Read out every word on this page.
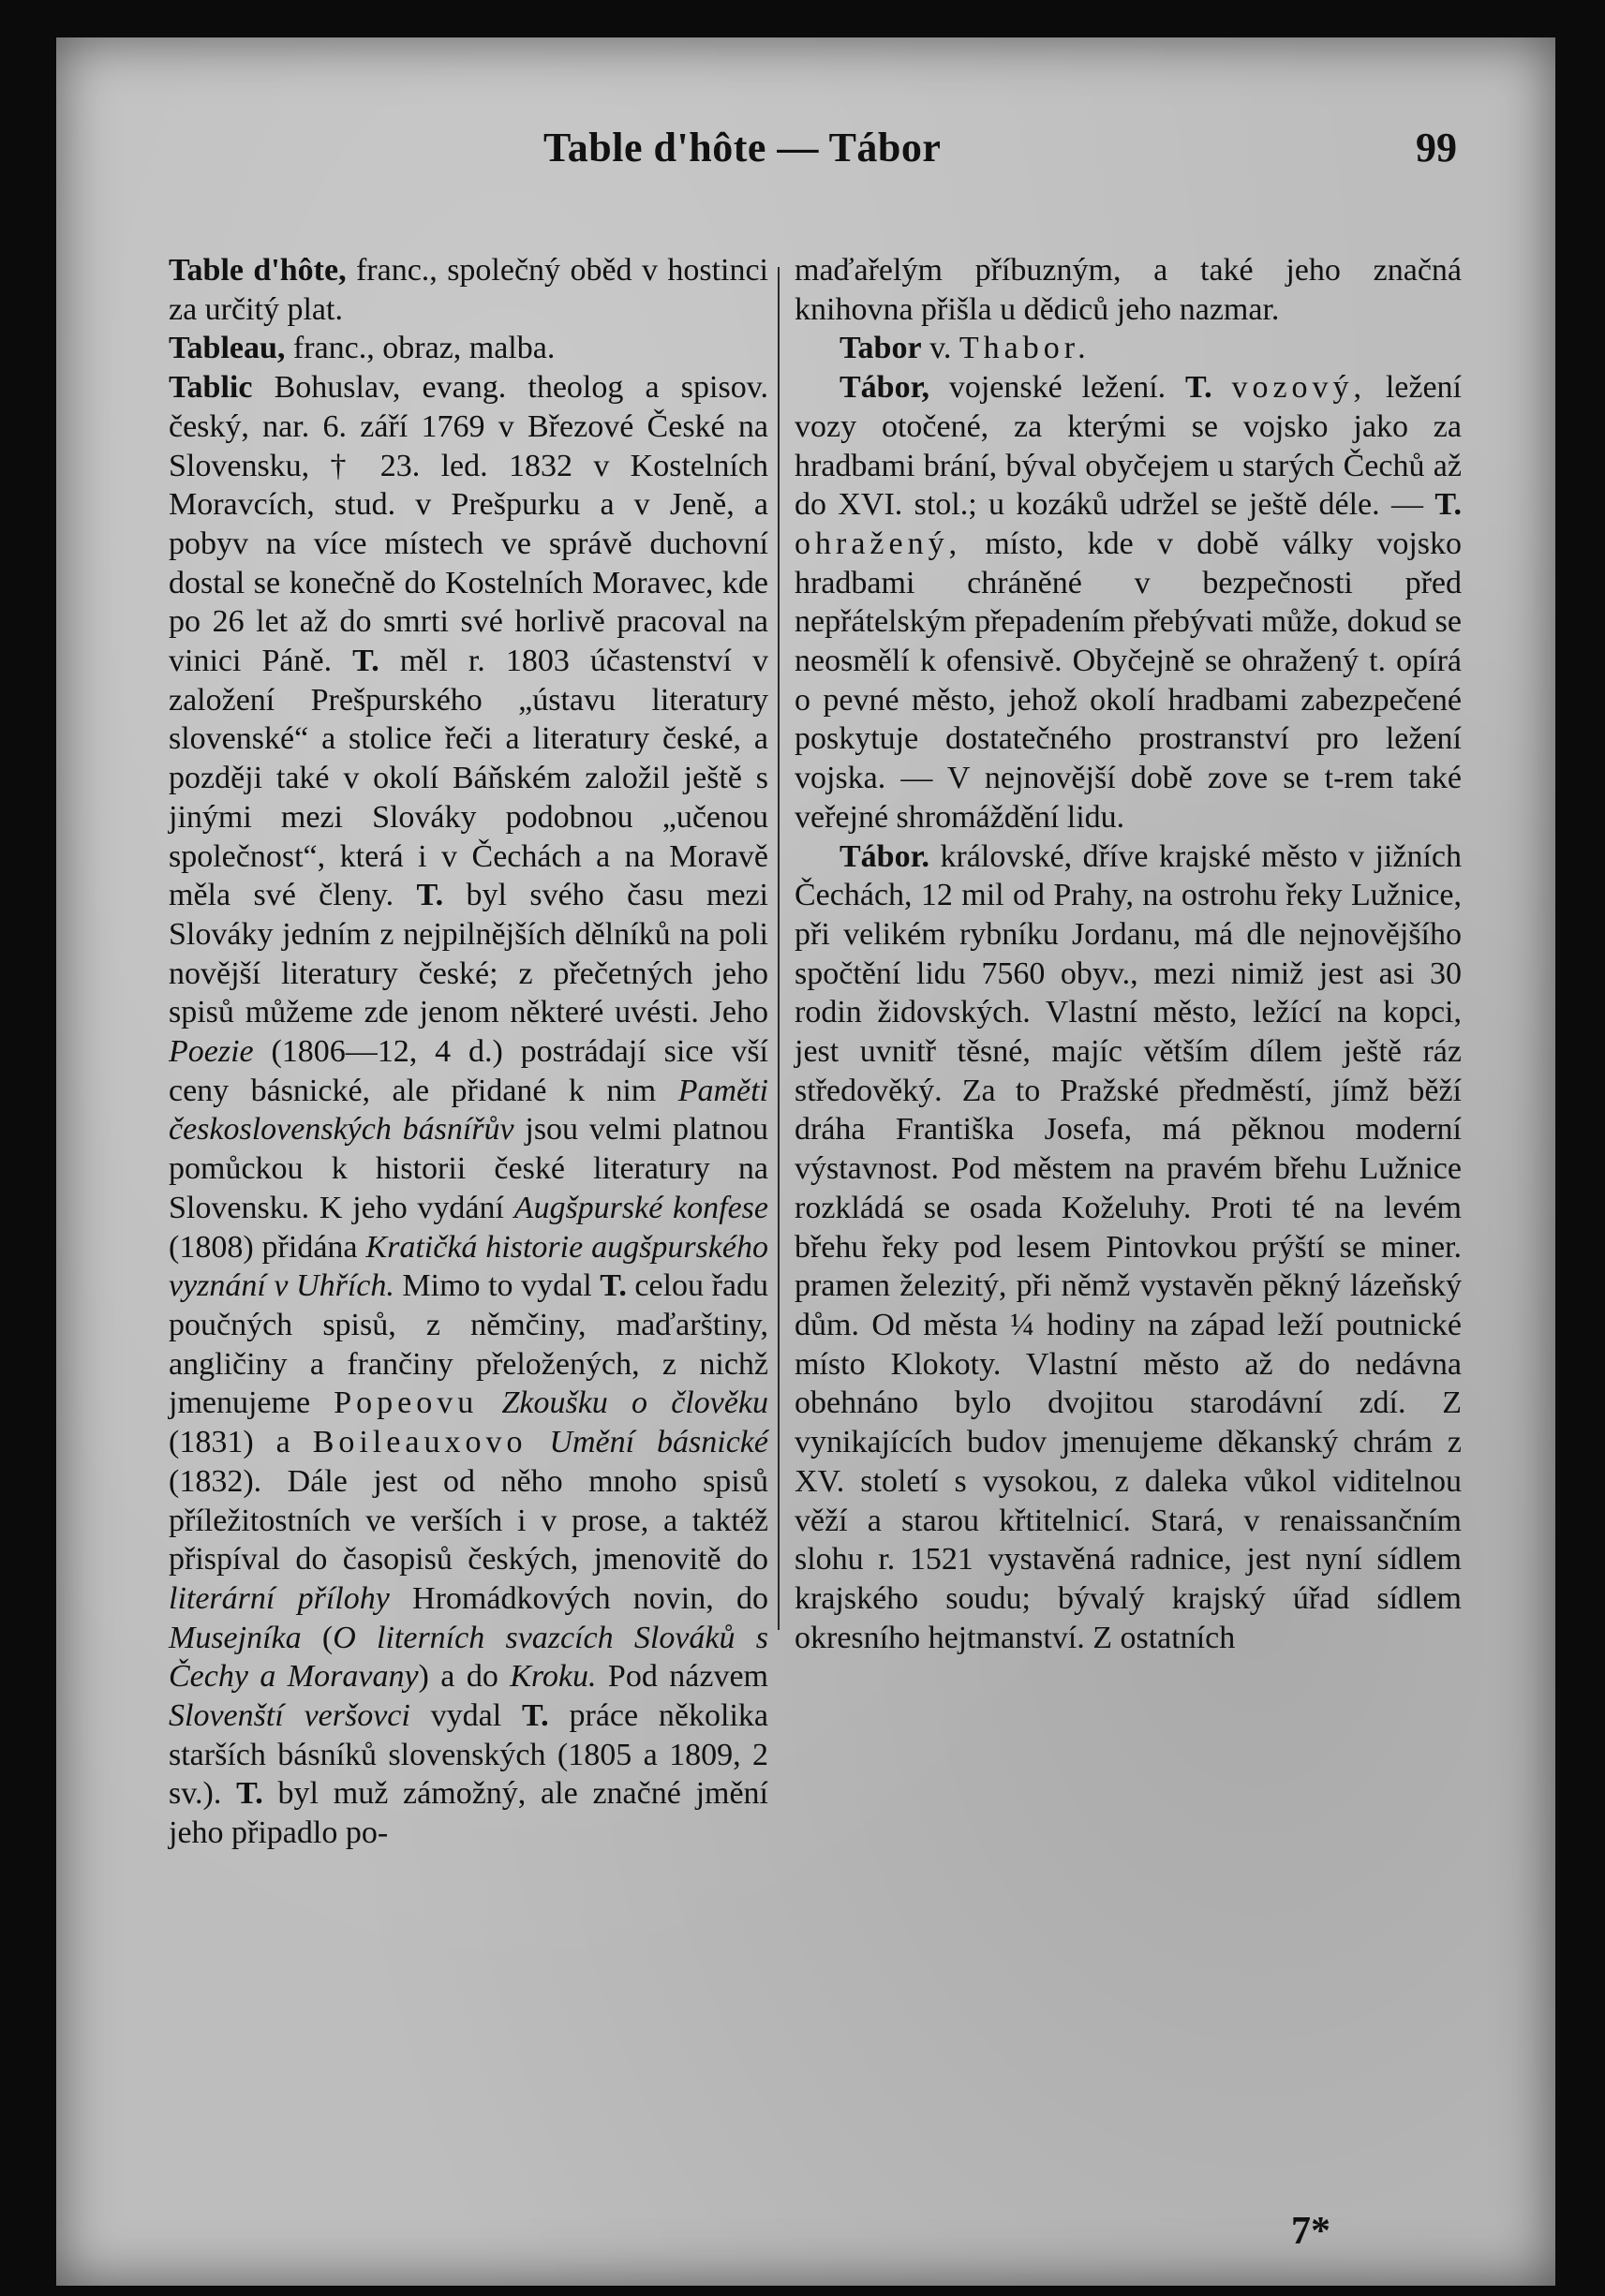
Table d'hôte — Tábor	99

Table d'hôte, franc., společný oběd v hostinci za určitý plat.

Tableau, franc., obraz, malba.

Tablic Bohuslav, evang. theolog a spisov. český, nar. 6. září 1769 v Březové České na Slovensku, † 23. led. 1832 v Kostelních Moravcích, stud. v Prešpurku a v Jeně, a pobyv na více místech ve správě duchovní dostal se konečně do Kostelních Moravec, kde po 26 let až do smrti své horlivě pracoval na vinici Páně. T. měl r. 1803 účastenství v založení Prešpurského „ústavu literatury slovenské“ a stolice řeči a literatury české, a později také v okolí Báňském založil ještě s jinými mezi Slováky podobnou „učenou společnost“, která i v Čechách a na Moravě měla své členy. T. byl svého času mezi Slováky jedním z nejpilnějších dělníků na poli novější literatury české; z přečetných jeho spisů můžeme zde jenom některé uvésti. Jeho Poezie (1806—12, 4 d.) postrádají sice vší ceny básnické, ale přidané k nim Paměti československých básnířův jsou velmi platnou pomůckou k historii české literatury na Slovensku. K jeho vydání Augšpurské konfese (1808) přidána Kratičká historie augšpurského vyznání v Uhřích. Mimo to vydal T. celou řadu poučných spisů, z němčiny, maďarštiny, angličiny a frančiny přeložených, z nichž jmenujeme Popeovu Zkoušku o člověku (1831) a Boileauxovo Umění básnické (1832). Dále jest od něho mnoho spisů příležitostních ve verších i v prose, a taktéž přispíval do časopisů českých, jmenovitě do literární přílohy Hromádkových novin, do Musejníka (O literních svazcích Slováků s Čechy a Moravany) a do Kroku. Pod názvem Slovenští veršovci vydal T. práce několika starších básníků slovenských (1805 a 1809, 2 sv.). T. byl muž zámožný, ale značné jmění jeho připadlo po-

maďařelým příbuzným, a také jeho značná knihovna přišla u dědiců jeho nazmar.

Tabor v. Thabor.

Tábor, vojenské ležení. T. vozový, ležení vozy otočené, za kterými se vojsko jako za hradbami brání, býval obyčejem u starých Čechů až do XVI. stol.; u kozáků udržel se ještě déle. — T. ohražený, místo, kde v době války vojsko hradbami chráněné v bezpečnosti před nepřátelským přepadením přebývati může, dokud se neosmělí k ofensivě. Obyčejně se ohražený t. opírá o pevné město, jehož okolí hradbami zabezpečené poskytuje dostatečného prostranství pro ležení vojska. — V nejnovější době zove se t-rem také veřejné shromáždění lidu.

Tábor. královské, dříve krajské město v jižních Čechách, 12 mil od Prahy, na ostrohu řeky Lužnice, při velikém rybníku Jordanu, má dle nejnovějšího spočtění lidu 7560 obyv., mezi nimiž jest asi 30 rodin židovských. Vlastní město, ležící na kopci, jest uvnitř těsné, majíc větším dílem ještě ráz středověký. Za to Pražské předměstí, jímž běží dráha Františka Josefa, má pěknou moderní výstavnost. Pod městem na pravém břehu Lužnice rozkládá se osada Koželuhy. Proti té na levém břehu řeky pod lesem Pintovkou prýští se miner. pramen železitý, při němž vystavěn pěkný lázeňský dům. Od města ¼ hodiny na západ leží poutnické místo Klokoty. Vlastní město až do nedávna obehnáno bylo dvojitou starodávní zdí. Z vynikajících budov jmenujeme děkanský chrám z XV. století s vysokou, z daleka vůkol viditelnou věží a starou křtitelnicí. Stará, v renaissančním slohu r. 1521 vystavěná radnice, jest nyní sídlem krajského soudu; bývalý krajský úřad sídlem okresního hejtmanství. Z ostatních

7*
